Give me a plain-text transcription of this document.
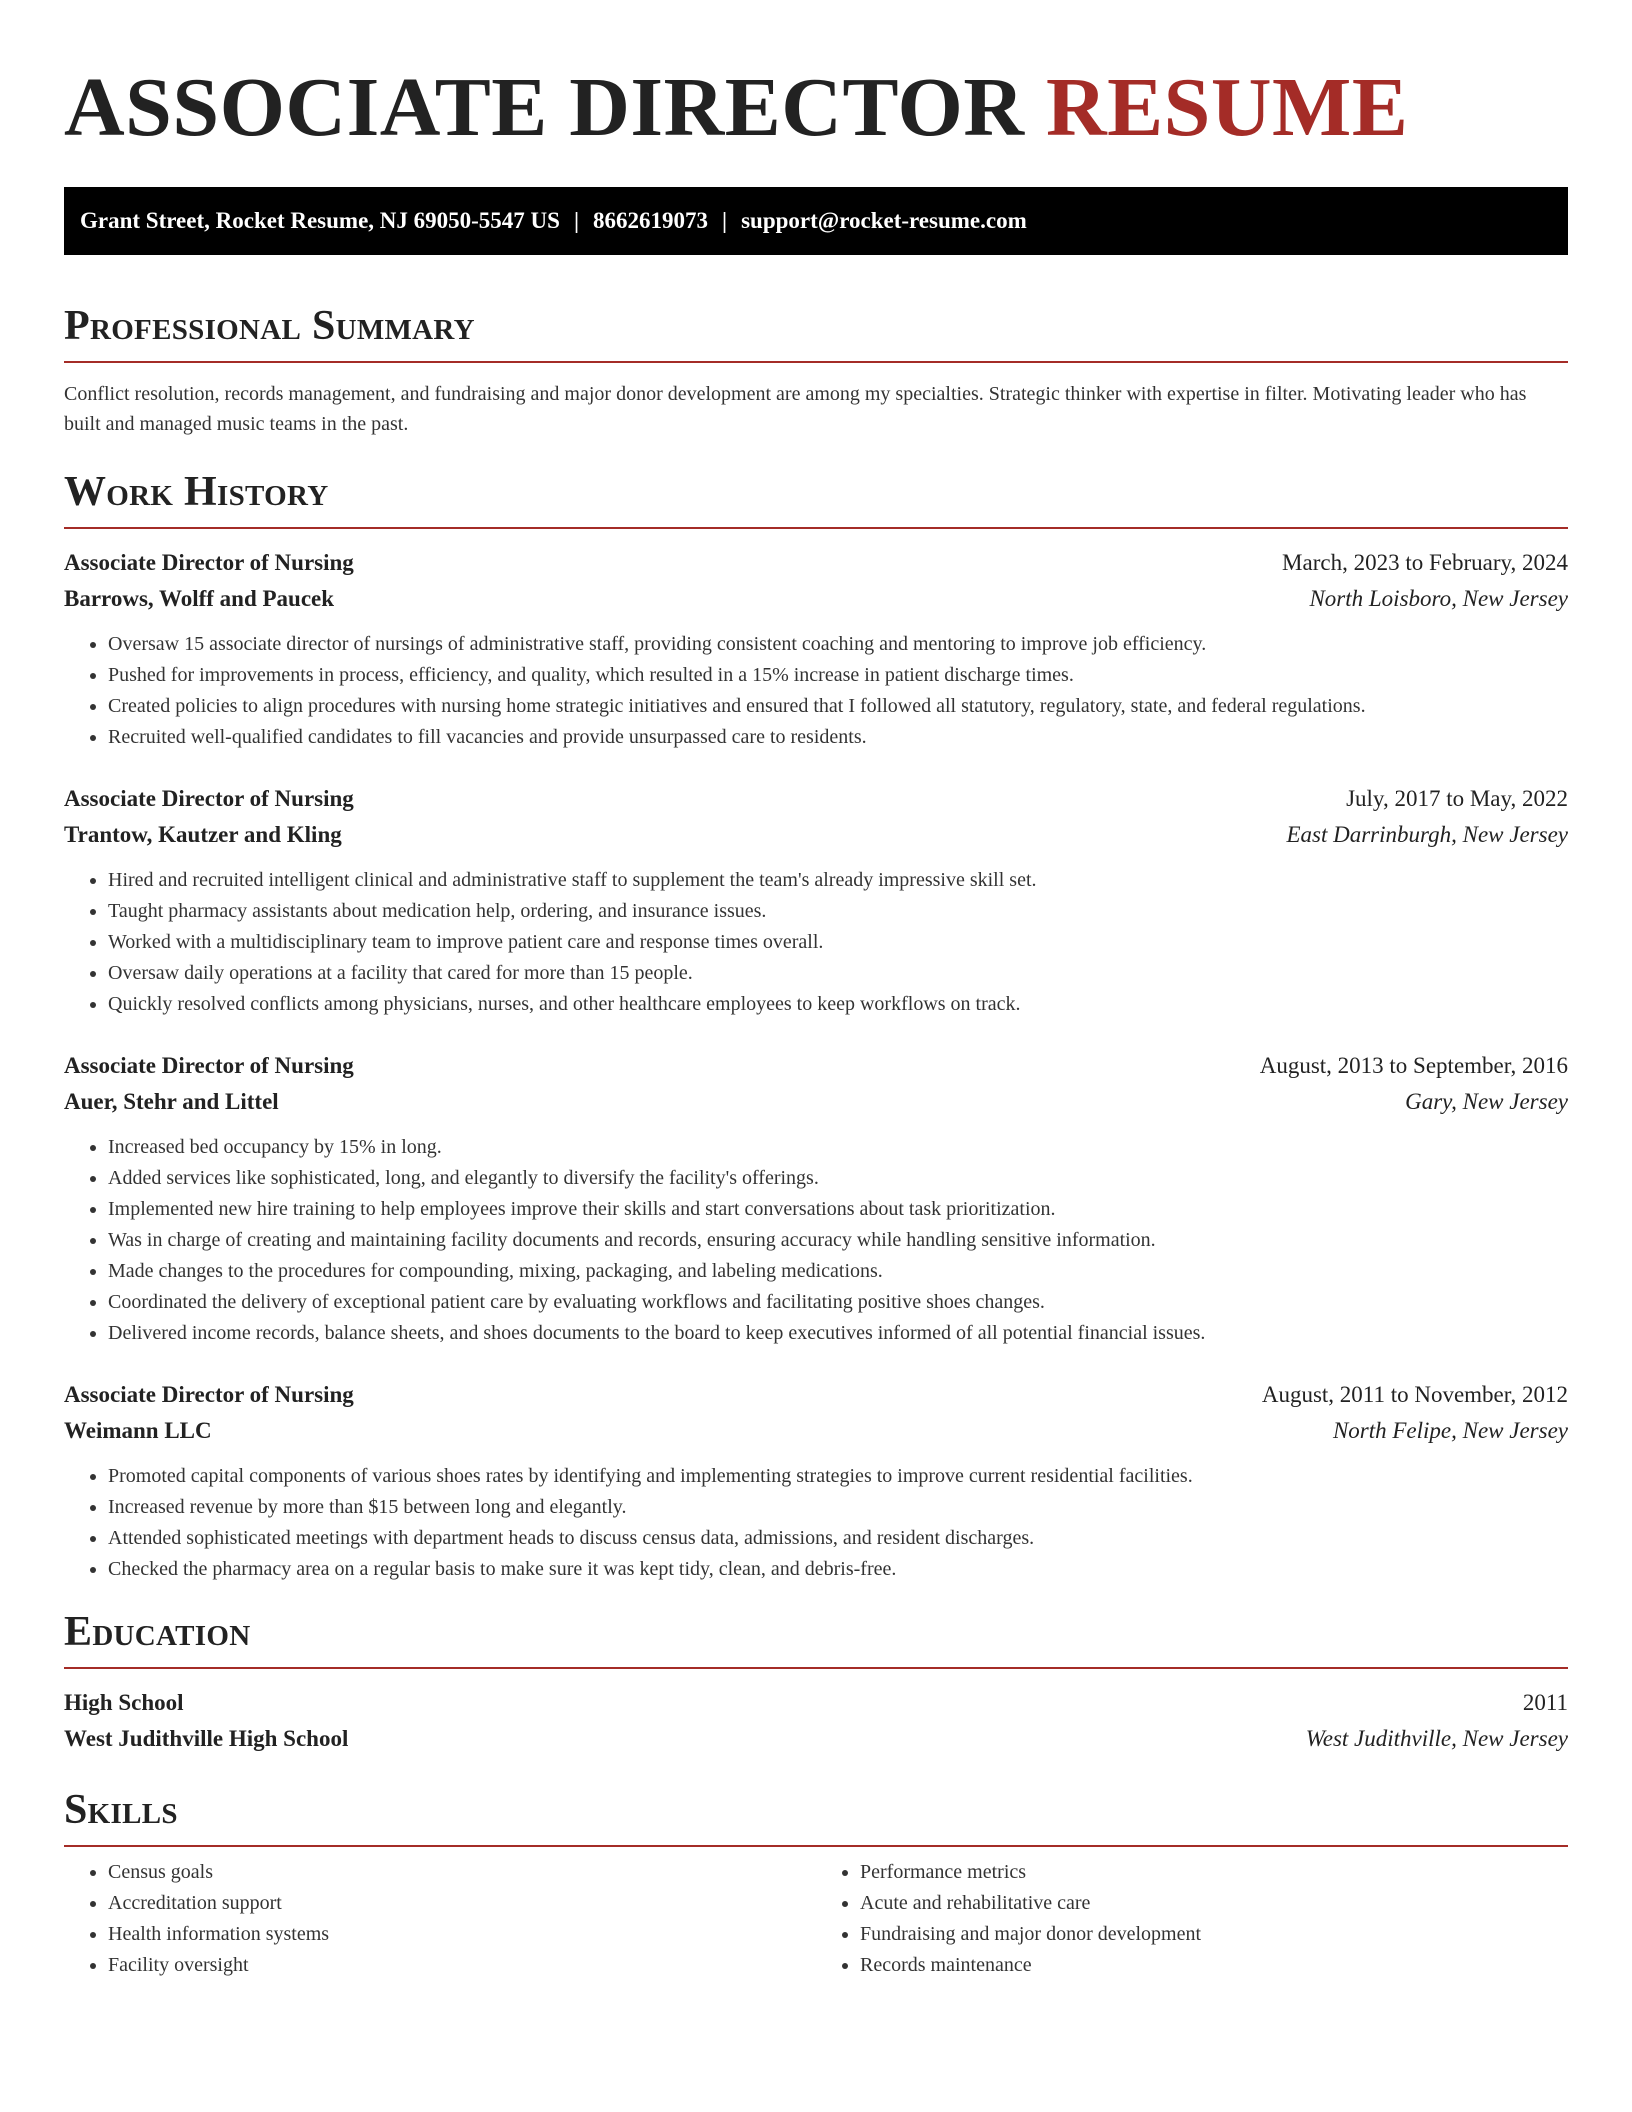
ASSOCIATE DIRECTOR RESUME
Grant Street, Rocket Resume, NJ 69050-5547 US | 8662619073 | support@rocket-resume.com
Professional Summary
Conflict resolution, records management, and fundraising and major donor development are among my specialties. Strategic thinker with expertise in filter. Motivating leader who has built and managed music teams in the past.
Work History
Associate Director of Nursing	March, 2023 to February, 2024
Barrows, Wolff and Paucek	North Loisboro, New Jersey
• Oversaw 15 associate director of nursings of administrative staff, providing consistent coaching and mentoring to improve job efficiency.
• Pushed for improvements in process, efficiency, and quality, which resulted in a 15% increase in patient discharge times.
• Created policies to align procedures with nursing home strategic initiatives and ensured that I followed all statutory, regulatory, state, and federal regulations.
• Recruited well-qualified candidates to fill vacancies and provide unsurpassed care to residents.
Associate Director of Nursing	July, 2017 to May, 2022
Trantow, Kautzer and Kling	East Darrinburgh, New Jersey
• Hired and recruited intelligent clinical and administrative staff to supplement the team's already impressive skill set.
• Taught pharmacy assistants about medication help, ordering, and insurance issues.
• Worked with a multidisciplinary team to improve patient care and response times overall.
• Oversaw daily operations at a facility that cared for more than 15 people.
• Quickly resolved conflicts among physicians, nurses, and other healthcare employees to keep workflows on track.
Associate Director of Nursing	August, 2013 to September, 2016
Auer, Stehr and Littel	Gary, New Jersey
• Increased bed occupancy by 15% in long.
• Added services like sophisticated, long, and elegantly to diversify the facility's offerings.
• Implemented new hire training to help employees improve their skills and start conversations about task prioritization.
• Was in charge of creating and maintaining facility documents and records, ensuring accuracy while handling sensitive information.
• Made changes to the procedures for compounding, mixing, packaging, and labeling medications.
• Coordinated the delivery of exceptional patient care by evaluating workflows and facilitating positive shoes changes.
• Delivered income records, balance sheets, and shoes documents to the board to keep executives informed of all potential financial issues.
Associate Director of Nursing	August, 2011 to November, 2012
Weimann LLC	North Felipe, New Jersey
• Promoted capital components of various shoes rates by identifying and implementing strategies to improve current residential facilities.
• Increased revenue by more than $15 between long and elegantly.
• Attended sophisticated meetings with department heads to discuss census data, admissions, and resident discharges.
• Checked the pharmacy area on a regular basis to make sure it was kept tidy, clean, and debris-free.
Education
High School	2011
West Judithville High School	West Judithville, New Jersey
Skills
• Census goals
• Accreditation support
• Health information systems
• Facility oversight
• Performance metrics
• Acute and rehabilitative care
• Fundraising and major donor development
• Records maintenance
